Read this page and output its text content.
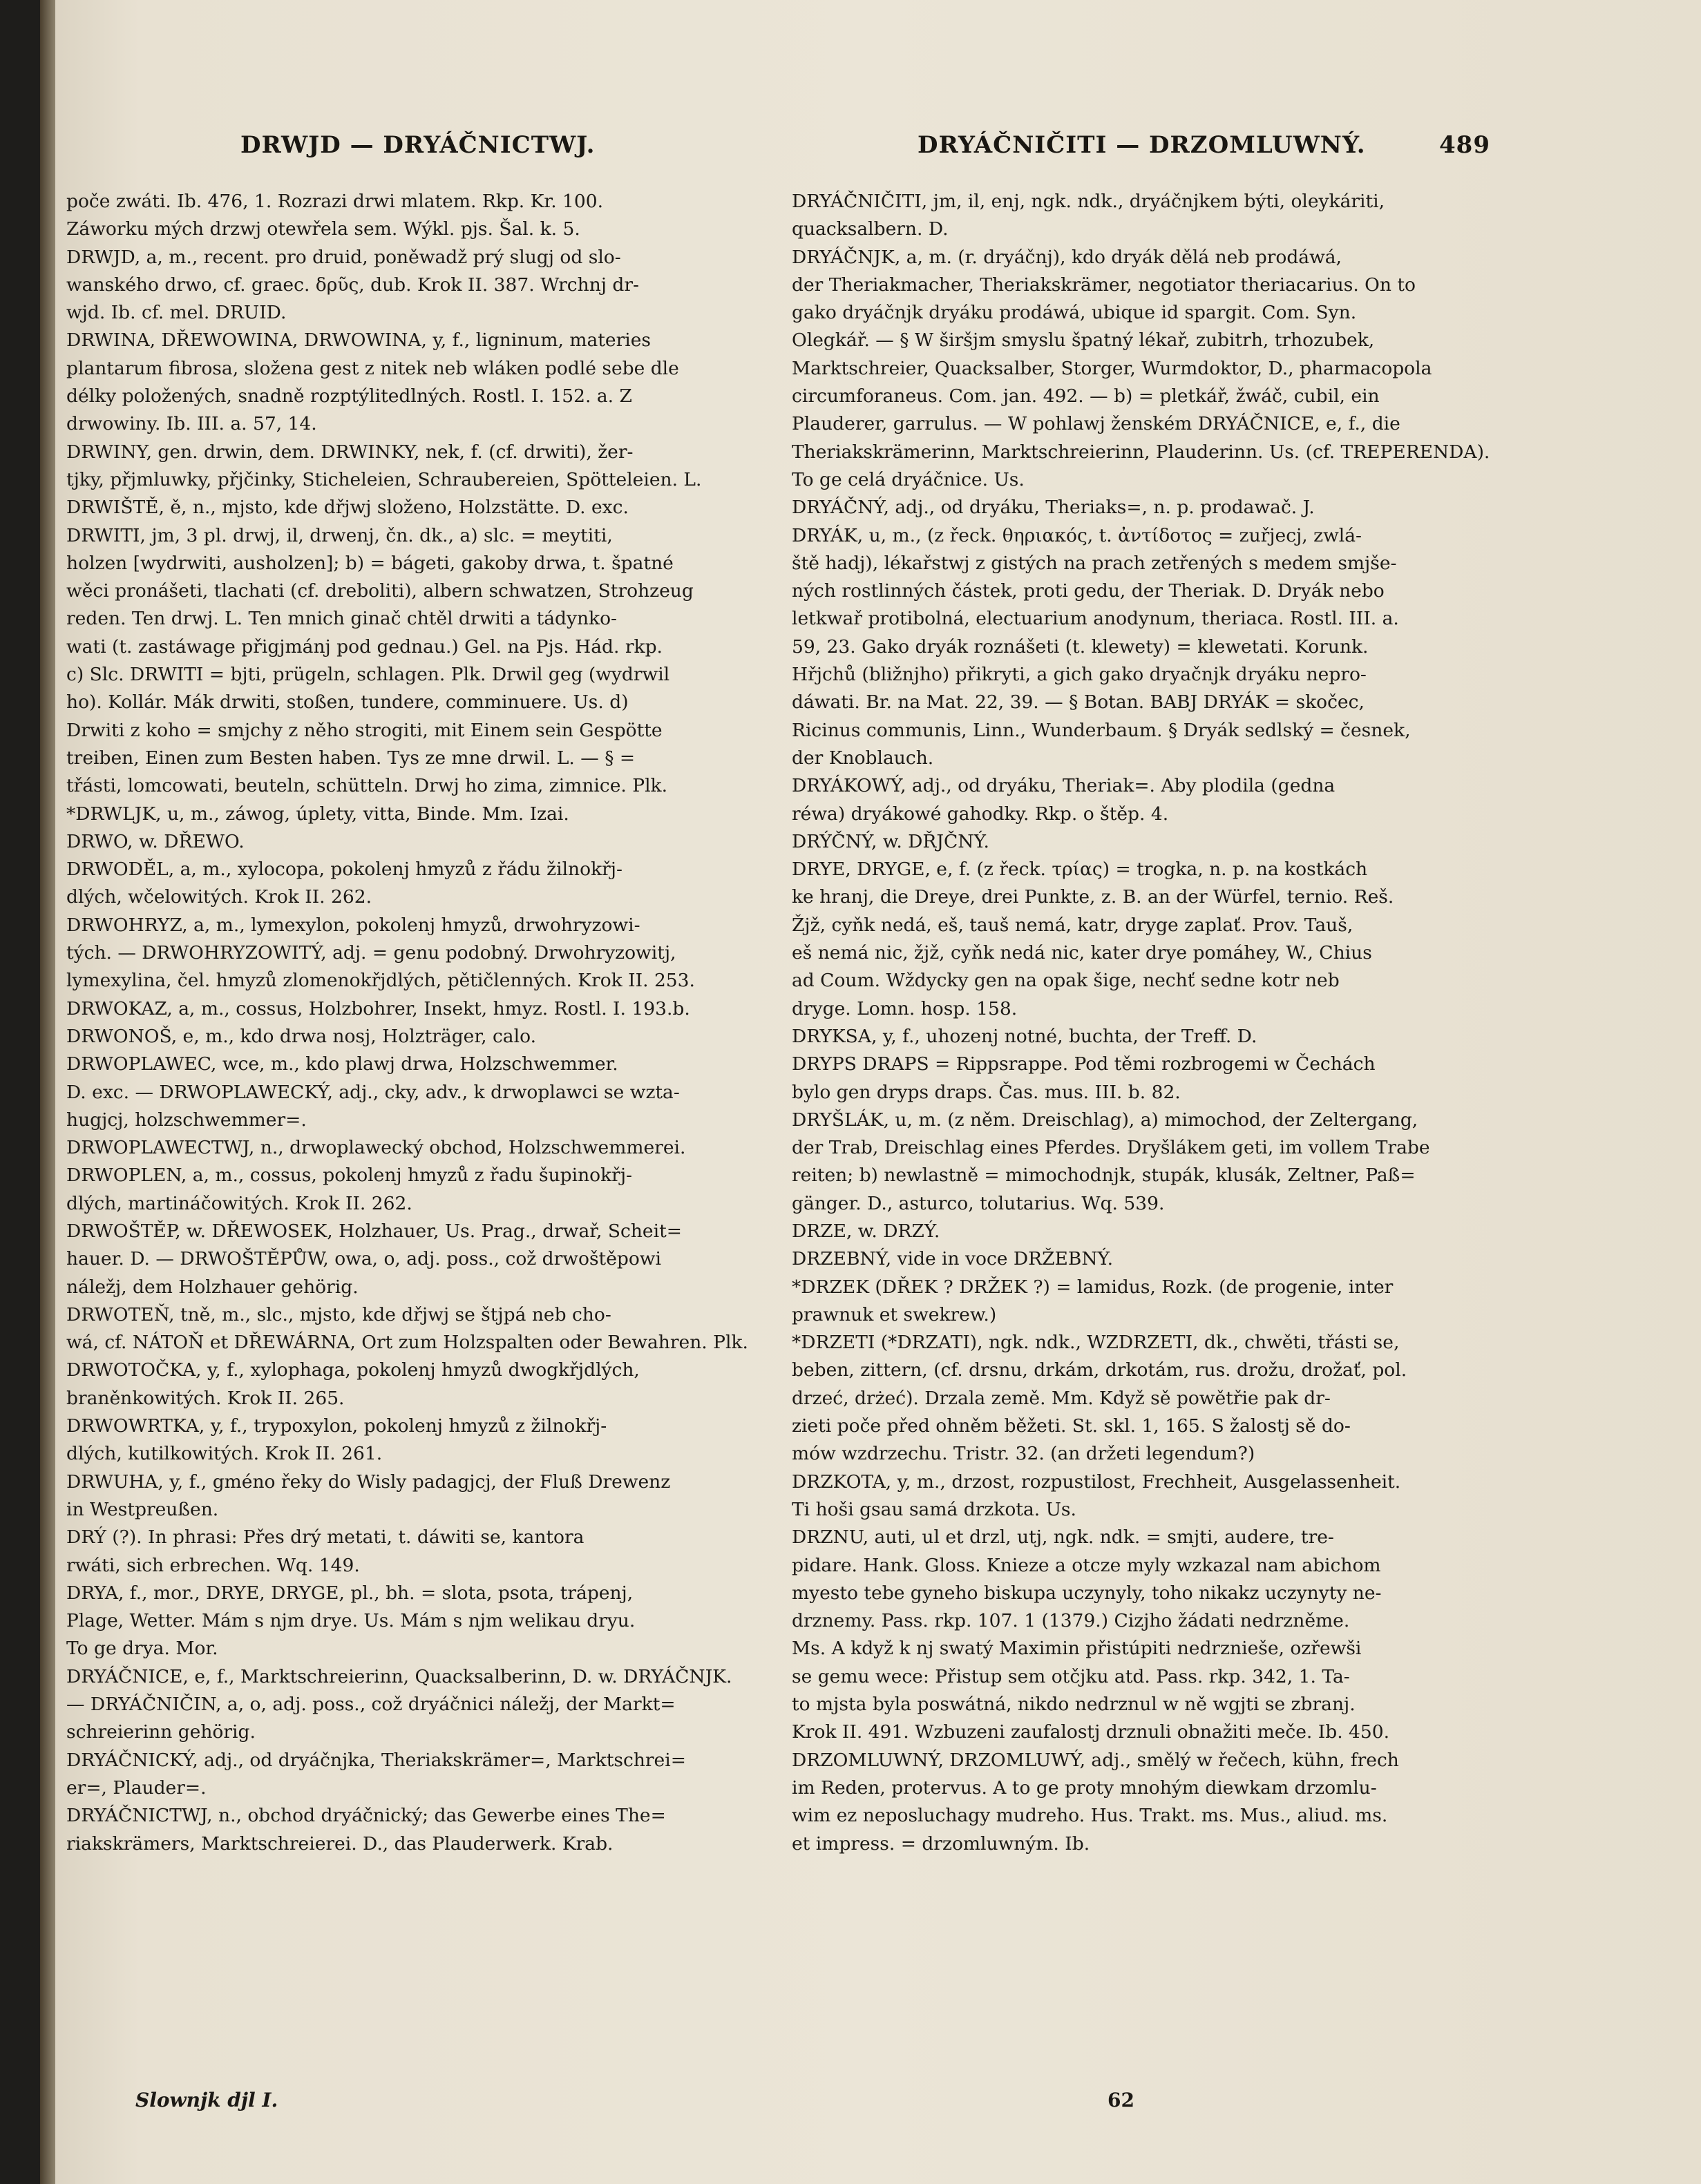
DRWJD — DRYÁČNICTWJ.	DRYÁČNIČITI — DRZOMLUWNÝ.	489
poče zwáti. Ib. 476, 1. Rozrazi drwi mlatem. Rkp. Kr. 100.
Záworku mých drzwj otewřela sem. Wýkl. pjs. Šal. k. 5.
DRWJD, a, m., recent. pro druid, poněwadž prý slugj od slo-
wanského drwo, cf. graec. δρῦς, dub. Krok II. 387. Wrchnj dr-
wjd. Ib. cf. mel. DRUID.
DRWINA, DŘEWOWINA, DRWOWINA, y, f., ligninum, materies
plantarum fibrosa, složena gest z nitek neb wláken podlé sebe dle
délky položených, snadně rozptýlitedlných. Rostl. I. 152. a. Z
drwowiny. Ib. III. a. 57, 14.
DRWINY, gen. drwin, dem. DRWINKY, nek, f. (cf. drwiti), žer-
tjky, přjmluwky, přjčinky, Sticheleien, Schraubereien, Spötteleien. L.
DRWIŠTĚ, ě, n., mjsto, kde dřjwj složeno, Holzstätte. D. exc.
DRWITI, jm, 3 pl. drwj, il, drwenj, čn. dk., a) slc. = meytiti,
holzen [wydrwiti, ausholzen]; b) = bágeti, gakoby drwa, t. špatné
wěci pronášeti, tlachati (cf. dreboliti), albern schwatzen, Strohzeug
reden. Ten drwj. L. Ten mnich ginač chtěl drwiti a tádynko-
wati (t. zastáwage přigjmánj pod gednau.) Gel. na Pjs. Hád. rkp.
c) Slc. DRWITI = bjti, prügeln, schlagen. Plk. Drwil geg (wydrwil
ho). Kollár. Mák drwiti, stoßen, tundere, comminuere. Us. d)
Drwiti z koho = smjchy z něho strogiti, mit Einem sein Gespötte
treiben, Einen zum Besten haben. Tys ze mne drwil. L. — § =
třásti, lomcowati, beuteln, schütteln. Drwj ho zima, zimnice. Plk.
*DRWLJK, u, m., záwog, úplety, vitta, Binde. Mm. Izai.
DRWO, w. DŘEWO.
DRWODĚL, a, m., xylocopa, pokolenj hmyzů z řádu žilnokřj-
dlých, wčelowitých. Krok II. 262.
DRWOHRYZ, a, m., lymexylon, pokolenj hmyzů, drwohryzowi-
tých. — DRWOHRYZOWITÝ, adj. = genu podobný. Drwohryzowitj,
lymexylina, čel. hmyzů zlomenokřjdlých, pětičlenných. Krok II. 253.
DRWOKAZ, a, m., cossus, Holzbohrer, Insekt, hmyz. Rostl. I. 193.b.
DRWONOŠ, e, m., kdo drwa nosj, Holzträger, calo.
DRWOPLAWEC, wce, m., kdo plawj drwa, Holzschwemmer.
D. exc. — DRWOPLAWECKÝ, adj., cky, adv., k drwoplawci se wzta-
hugjcj, holzschwemmer=.
DRWOPLAWECTWJ, n., drwoplawecký obchod, Holzschwemmerei.
DRWOPLEN, a, m., cossus, pokolenj hmyzů z řadu šupinokřj-
dlých, martináčowitých. Krok II. 262.
DRWOŠTĚP, w. DŘEWOSEK, Holzhauer, Us. Prag., drwař, Scheit=
hauer. D. — DRWOŠTĚPŮW, owa, o, adj. poss., což drwoštěpowi
náležj, dem Holzhauer gehörig.
DRWOTEŇ, tně, m., slc., mjsto, kde dřjwj se štjpá neb cho-
wá, cf. NÁTOŇ et DŘEWÁRNA, Ort zum Holzspalten oder Bewahren. Plk.
DRWOTOČKA, y, f., xylophaga, pokolenj hmyzů dwogkřjdlých,
braněnkowitých. Krok II. 265.
DRWOWRTKA, y, f., trypoxylon, pokolenj hmyzů z žilnokřj-
dlých, kutilkowitých. Krok II. 261.
DRWUHA, y, f., gméno řeky do Wisly padagjcj, der Fluß Drewenz
in Westpreußen.
DRÝ (?). In phrasi: Přes drý metati, t. dáwiti se, kantora
rwáti, sich erbrechen. Wq. 149.
DRYA, f., mor., DRYE, DRYGE, pl., bh. = slota, psota, trápenj,
Plage, Wetter. Mám s njm drye. Us. Mám s njm welikau dryu.
To ge drya. Mor.
DRYÁČNICE, e, f., Marktschreierinn, Quacksalberinn, D. w. DRYÁČNJK.
— DRYÁČNIČIN, a, o, adj. poss., což dryáčnici náležj, der Markt=
schreierinn gehörig.
DRYÁČNICKÝ, adj., od dryáčnjka, Theriakskrämer=, Marktschrei=
er=, Plauder=.
DRYÁČNICTWJ, n., obchod dryáčnický; das Gewerbe eines The=
riakskrämers, Marktschreierei. D., das Plauderwerk. Krab.
DRYÁČNIČITI, jm, il, enj, ngk. ndk., dryáčnjkem býti, oleykáriti,
quacksalbern. D.
DRYÁČNJK, a, m. (r. dryáčnj), kdo dryák dělá neb prodáwá,
der Theriakmacher, Theriakskrämer, negotiator theriacarius. On to
gako dryáčnjk dryáku prodáwá, ubique id spargit. Com. Syn.
Olegkář. — § W širšjm smyslu špatný lékař, zubitrh, trhozubek,
Marktschreier, Quacksalber, Storger, Wurmdoktor, D., pharmacopola
circumforaneus. Com. jan. 492. — b) = pletkář, žwáč, cubil, ein
Plauderer, garrulus. — W pohlawj ženském DRYÁČNICE, e, f., die
Theriakskrämerinn, Marktschreierinn, Plauderinn. Us. (cf. TREPERENDA).
To ge celá dryáčnice. Us.
DRYÁČNÝ, adj., od dryáku, Theriaks=, n. p. prodawač. J.
DRYÁK, u, m., (z řeck. θηριακός, t. ἀντίδοτος = zuřjecj, zwlá-
ště hadj), lékařstwj z gistých na prach zetřených s medem smjše-
ných rostlinných částek, proti gedu, der Theriak. D. Dryák nebo
letkwař protibolná, electuarium anodynum, theriaca. Rostl. III. a.
59, 23. Gako dryák roznášeti (t. klewety) = klewetati. Korunk.
Hřjchů (bližnjho) přikryti, a gich gako dryačnjk dryáku nepro-
dáwati. Br. na Mat. 22, 39. — § Botan. BABJ DRYÁK = skočec,
Ricinus communis, Linn., Wunderbaum. § Dryák sedlský = česnek,
der Knoblauch.
DRYÁKOWÝ, adj., od dryáku, Theriak=. Aby plodila (gedna
réwa) dryákowé gahodky. Rkp. o štěp. 4.
DRÝČNÝ, w. DŘJČNÝ.
DRYE, DRYGE, e, f. (z řeck. τρίας) = trogka, n. p. na kostkách
ke hranj, die Dreye, drei Punkte, z. B. an der Würfel, ternio. Reš.
Žjž, cyňk nedá, eš, tauš nemá, katr, dryge zaplať. Prov. Tauš,
eš nemá nic, žjž, cyňk nedá nic, kater drye pomáhey, W., Chius
ad Coum. Wždycky gen na opak šige, nechť sedne kotr neb
dryge. Lomn. hosp. 158.
DRYKSA, y, f., uhozenj notné, buchta, der Treff. D.
DRYPS DRAPS = Rippsrappe. Pod těmi rozbrogemi w Čechách
bylo gen dryps draps. Čas. mus. III. b. 82.
DRYŠLÁK, u, m. (z něm. Dreischlag), a) mimochod, der Zeltergang,
der Trab, Dreischlag eines Pferdes. Dryšlákem geti, im vollem Trabe
reiten; b) newlastně = mimochodnjk, stupák, klusák, Zeltner, Paß=
gänger. D., asturco, tolutarius. Wq. 539.
DRZE, w. DRZÝ.
DRZEBNÝ, vide in voce DRŽEBNÝ.
*DRZEK (DŘEK ? DRŽEK ?) = lamidus, Rozk. (de progenie, inter
prawnuk et swekrew.)
*DRZETI (*DRZATI), ngk. ndk., WZDRZETI, dk., chwěti, třásti se,
beben, zittern, (cf. drsnu, drkám, drkotám, rus. drožu, drožať, pol.
drzeć, drżeć). Drzala země. Mm. Když sě powětřie pak dr-
zieti poče před ohněm běžeti. St. skl. 1, 165. S žalostj sě do-
mów wzdrzechu. Tristr. 32. (an držeti legendum?)
DRZKOTA, y, m., drzost, rozpustilost, Frechheit, Ausgelassenheit.
Ti hoši gsau samá drzkota. Us.
DRZNU, auti, ul et drzl, utj, ngk. ndk. = smjti, audere, tre-
pidare. Hank. Gloss. Knieze a otcze myly wzkazal nam abichom
myesto tebe gyneho biskupa uczynyly, toho nikakz uczynyty ne-
drznemy. Pass. rkp. 107. 1 (1379.) Cizjho žádati nedrzněme.
Ms. A když k nj swatý Maximin přistúpiti nedrzniešе, ozřewši
se gemu wece: Přistup sem otčjku atd. Pass. rkp. 342, 1. Ta-
to mjsta byla poswátná, nikdo nedrznul w ně wgjti se zbranj.
Krok II. 491. Wzbuzeni zaufalostj drznuli obnažiti meče. Ib. 450.
DRZOMLUWNÝ, DRZOMLUWÝ, adj., smělý w řečech, kühn, frech
im Reden, protervus. A to ge proty mnohým diewkam drzomlu-
wim ez neposluchagy mudreho. Hus. Trakt. ms. Mus., aliud. ms.
et impress. = drzomluwným. Ib.
Slownjk djl I.	62
